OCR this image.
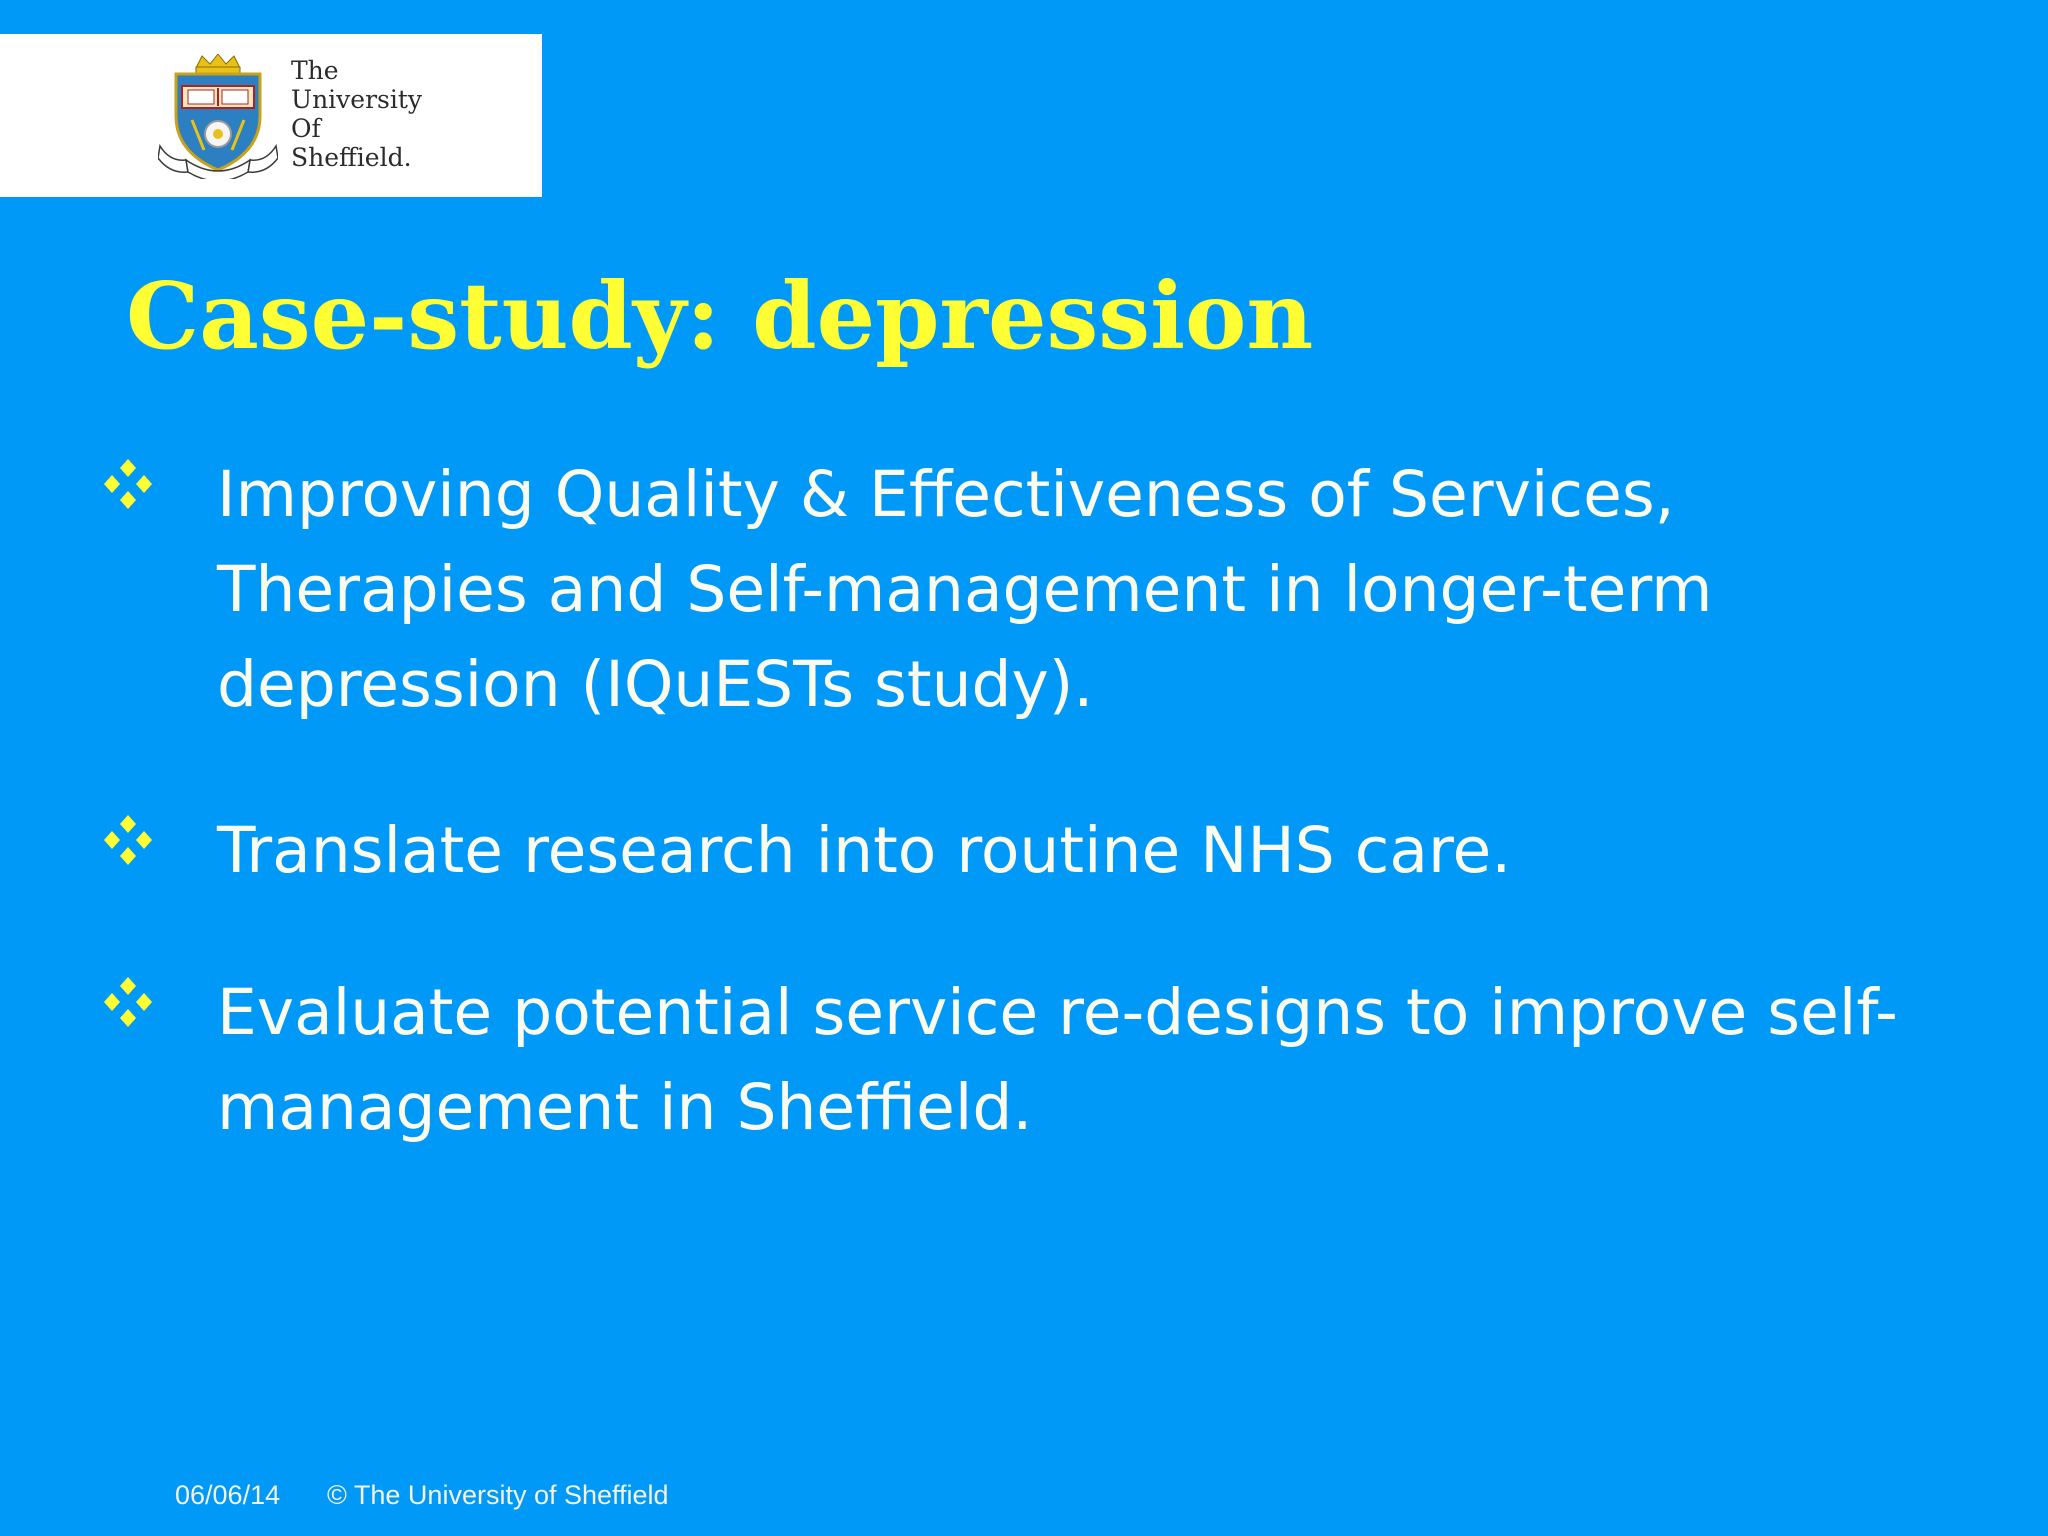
The
University
Of
Sheffield.
Case-study: depression
Improving Quality & Effectiveness of Services, Therapies and Self-management in longer-term depression (IQuESTs study).
Translate research into routine NHS care.
Evaluate potential service re-designs to improve self-management in Sheffield.
06/06/14 © The University of Sheffield
